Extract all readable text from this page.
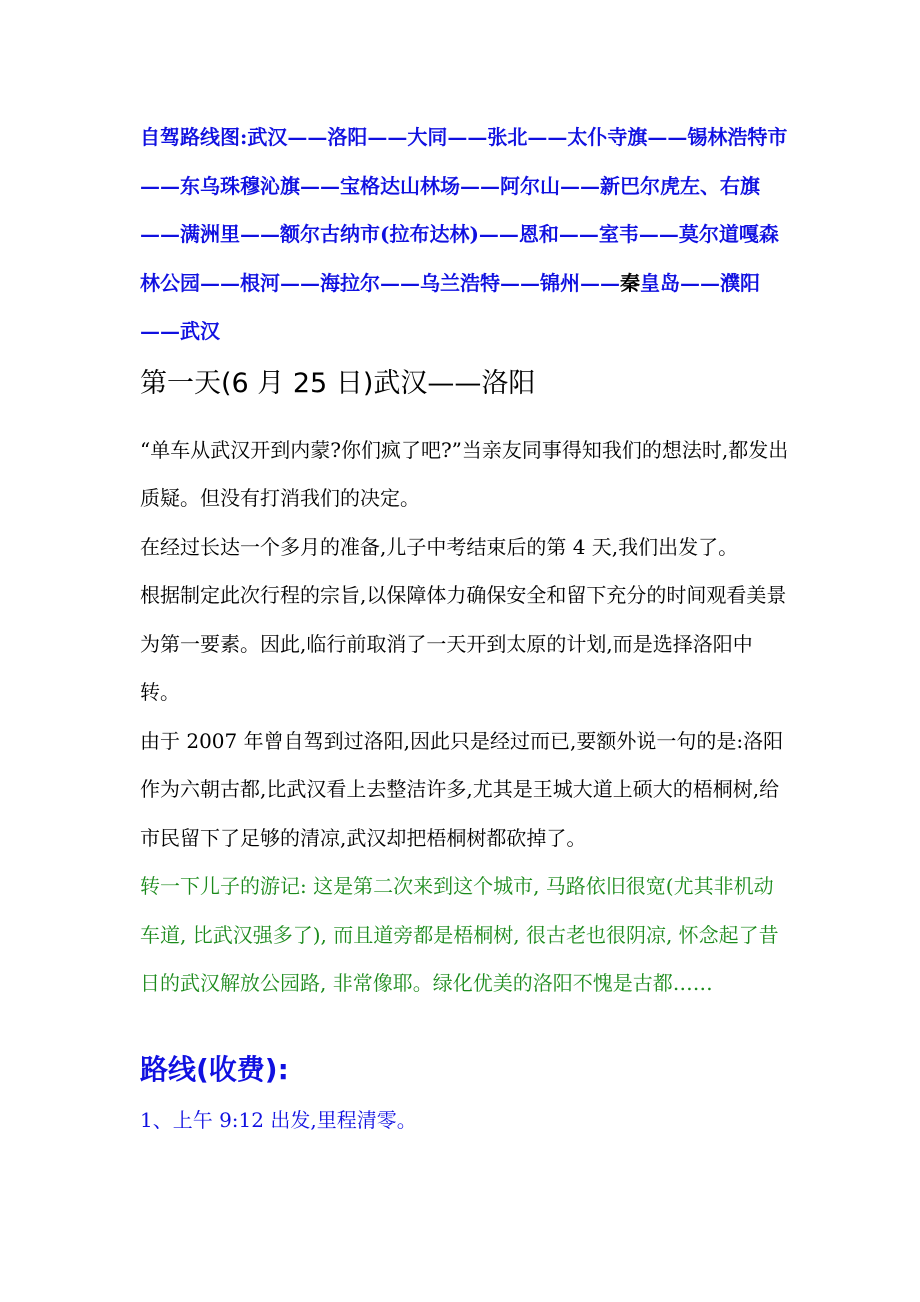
自驾路线图:武汉——洛阳——大同——张北——太仆寺旗——锡林浩特市——东乌珠穆沁旗——宝格达山林场——阿尔山——新巴尔虎左、右旗——满洲里——额尔古纳市(拉布达林)——恩和——室韦——莫尔道嘎森林公园——根河——海拉尔——乌兰浩特——锦州——秦皇岛——濮阳——武汉

第一天(6 月 25 日)武汉——洛阳

“单车从武汉开到内蒙?你们疯了吧?”当亲友同事得知我们的想法时,都发出质疑。但没有打消我们的决定。

在经过长达一个多月的准备,儿子中考结束后的第 4 天,我们出发了。

根据制定此次行程的宗旨,以保障体力确保安全和留下充分的时间观看美景为第一要素。因此,临行前取消了一天开到太原的计划,而是选择洛阳中转。

由于 2007 年曾自驾到过洛阳,因此只是经过而已,要额外说一句的是:洛阳作为六朝古都,比武汉看上去整洁许多,尤其是王城大道上硕大的梧桐树,给市民留下了足够的清凉,武汉却把梧桐树都砍掉了。

转一下儿子的游记: 这是第二次来到这个城市, 马路依旧很宽(尤其非机动车道, 比武汉强多了), 而且道旁都是梧桐树, 很古老也很阴凉, 怀念起了昔日的武汉解放公园路, 非常像耶。绿化优美的洛阳不愧是古都……

路线(收费):

1、上午 9:12 出发,里程清零。
